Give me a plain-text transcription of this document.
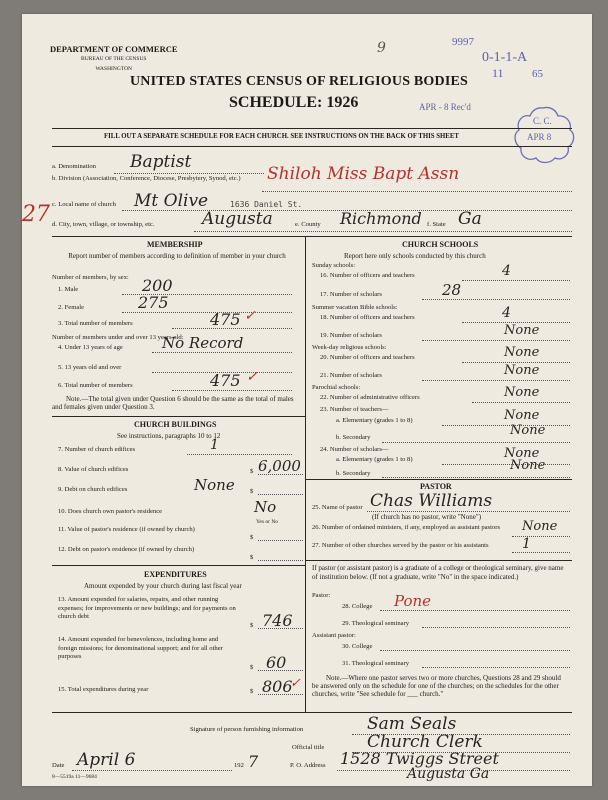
DEPARTMENT OF COMMERCE
BUREAU OF THE CENSUS
WASHINGTON
9	9997
0-1-1-A
11	65
UNITED STATES CENSUS OF RELIGIOUS BODIES
SCHEDULE: 1926	APR - 8 Rec'd
C. C.
APR 8
FILL OUT A SEPARATE SCHEDULE FOR EACH CHURCH. SEE INSTRUCTIONS ON THE BACK OF THIS SHEET
27
a. Denomination Baptist
b. Division (Association, Conference, Diocese, Presbytery, Synod, etc.)	Shiloh Miss Bapt Assn
c. Local name of church Mt Olive	1636 Daniel St.
d. City, town, village, or township, etc.	Augusta	e. County Richmond f. State Ga
MEMBERSHIP
Report number of members according to definition of member in your church
Number of members, by sex:
1. Male	200
2. Female	275
3. Total number of members	475 ✓
Number of members under and over 13 years old:
4. Under 13 years of age	No Record
5. 13 years old and over
6. Total number of members	475 ✓
Note.—The total given under Question 6 should be the same as the total of males and females given under Question 3.
CHURCH BUILDINGS
See instructions, paragraphs 10 to 12
7. Number of church edifices	1
8. Value of church edifices	$ 6,000
9. Debt on church edifices	None $
10. Does church own pastor's residence	No
Yes or No
11. Value of pastor's residence (if owned by church)
$
12. Debt on pastor's residence (if owned by church)
$
EXPENDITURES
Amount expended by your church during last fiscal year
13. Amount expended for salaries, repairs, and other running expenses; for improvements or new buildings; and for payments on church debt
$ 746
14. Amount expended for benevolences, including home and foreign missions; for denominational support; and for all other purposes
$ 60
15. Total expenditures during year	$ 806
✓
CHURCH SCHOOLS
Report here only schools conducted by this church
Sunday schools:
16. Number of officers and teachers	4
17. Number of scholars	28
Summer vacation Bible schools:
18. Number of officers and teachers	4
19. Number of scholars	None
Week-day religious schools:
20. Number of officers and teachers	None
21. Number of scholars	None
Parochial schools:
22. Number of administrative officers	None
23. Number of teachers—
a. Elementary (grades 1 to 8)	None
b. Secondary	None
24. Number of scholars—
a. Elementary (grades 1 to 8)	None
b. Secondary
None
PASTOR
25. Name of pastor Chas Williams
(If church has no pastor, write "None")
26. Number of ordained ministers, if any, employed as assistant pastors	None
27. Number of other churches served by the pastor or his assistants	1
If pastor (or assistant pastor) is a graduate of a college or theological seminary, give name of institution below. (If not a graduate, write "No" in the space indicated.)
Pastor:
28. College Pone
29. Theological seminary
Assistant pastor:
30. College
31. Theological seminary
Note.—Where one pastor serves two or more churches, Questions 28 and 29 should be answered only on the schedule for one of the churches; on the schedules for the other churches, write "See schedule for ___ church."
Signature of person furnishing information	Sam Seals
Official title	Church Clerk
Date April 6	192 7	P. O. Address 1528 Twiggs Street
Augusta Ga
8—5519a 11—9684
